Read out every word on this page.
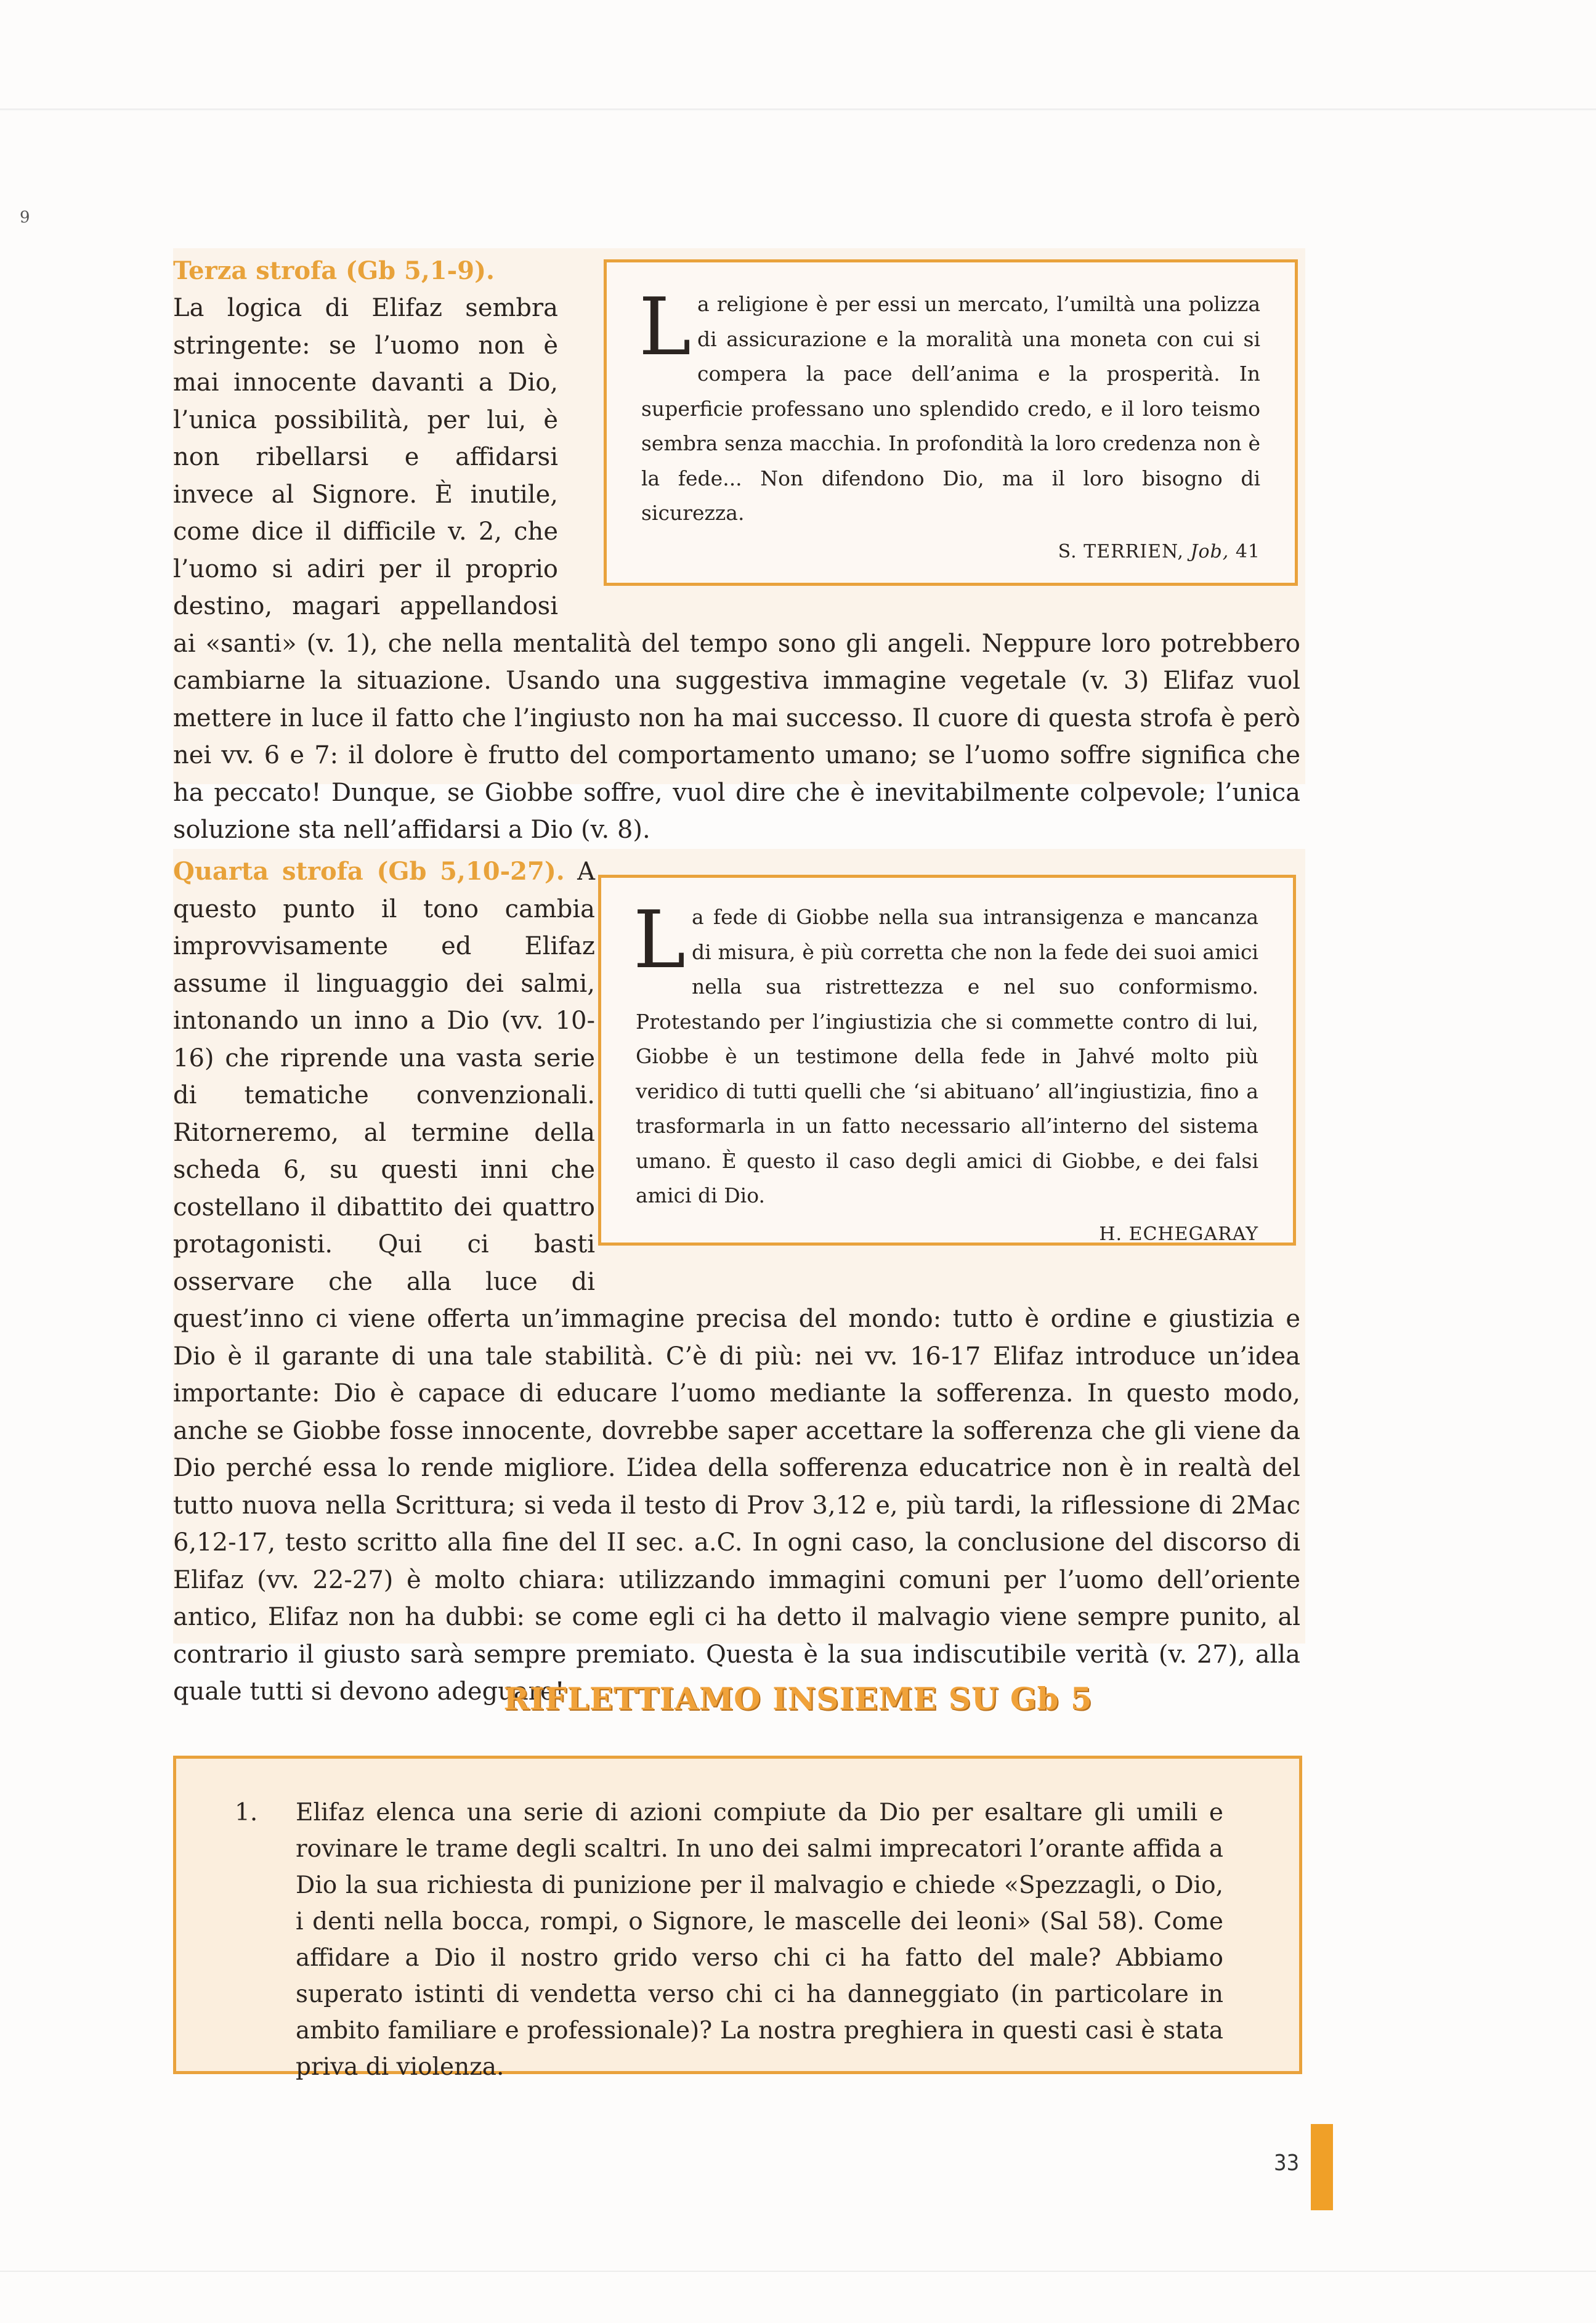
9

Terza strofa (Gb 5,1-9).

La logica di Elifaz sembra stringente: se l’uomo non è mai innocente davanti a Dio, l’unica possibilità, per lui, è non ribellarsi e affidarsi invece al Signore. È inutile, come dice il difficile v. 2, che l’uomo si adiri per il proprio destino, magari appellandosi ai «santi» (v. 1), che nella mentalità del tempo sono gli angeli. Neppure loro potrebbero cambiarne la situazione. Usando una suggestiva immagine vegetale (v. 3) Elifaz vuol mettere in luce il fatto che l’ingiusto non ha mai successo. Il cuore di questa strofa è però nei vv. 6 e 7: il dolore è frutto del comportamento umano; se l’uomo soffre significa che ha peccato! Dunque, se Giobbe soffre, vuol dire che è inevitabilmente colpevole; l’unica soluzione sta nell’affidarsi a Dio (v. 8).

L a religione è per essi un mercato, l’umiltà una polizza di assicurazione e la moralità una moneta con cui si compera la pace dell’anima e la prosperità. In superficie professano uno splendido credo, e il loro teismo sembra senza macchia. In profondità la loro credenza non è la fede... Non difendono Dio, ma il loro bisogno di sicurezza.

S. TERRIEN, Job, 41

Quarta strofa (Gb 5,10-27). A questo punto il tono cambia improvvisamente ed Elifaz assume il linguaggio dei salmi, intonando un inno a Dio (vv. 10-16) che riprende una vasta serie di tematiche convenzionali. Ritorneremo, al termine della scheda 6, su questi inni che costellano il dibattito dei quattro protagonisti. Qui ci basti osservare che alla luce di quest’inno ci viene offerta un’immagine precisa del mondo: tutto è ordine e giustizia e Dio è il garante di una tale stabilità. C’è di più: nei vv. 16-17 Elifaz introduce un’idea importante: Dio è capace di educare l’uomo mediante la sofferenza. In questo modo, anche se Giobbe fosse innocente, dovrebbe saper accettare la sofferenza che gli viene da Dio perché essa lo rende migliore. L’idea della sofferenza educatrice non è in realtà del tutto nuova nella Scrittura; si veda il testo di Prov 3,12 e, più tardi, la riflessione di 2Mac 6,12-17, testo scritto alla fine del II sec. a.C. In ogni caso, la conclusione del discorso di Elifaz (vv. 22-27) è molto chiara: utilizzando immagini comuni per l’uomo dell’oriente antico, Elifaz non ha dubbi: se come egli ci ha detto il malvagio viene sempre punito, al contrario il giusto sarà sempre premiato. Questa è la sua indiscutibile verità (v. 27), alla quale tutti si devono adeguare!

L a fede di Giobbe nella sua intransigenza e mancanza di misura, è più corretta che non la fede dei suoi amici nella sua ristrettezza e nel suo conformismo. Protestando per l’ingiustizia che si commette contro di lui, Giobbe è un testimone della fede in Jahvé molto più veridico di tutti quelli che ‘si abituano’ all’ingiustizia, fino a trasformarla in un fatto necessario all’interno del sistema umano. È questo il caso degli amici di Giobbe, e dei falsi amici di Dio.

H. ECHEGARAY
RIFLETTIAMO INSIEME SU Gb 5
1. Elifaz elenca una serie di azioni compiute da Dio per esaltare gli umili e rovinare le trame degli scaltri. In uno dei salmi imprecatori l’orante affida a Dio la sua richiesta di punizione per il malvagio e chiede «Spezzagli, o Dio, i denti nella bocca, rompi, o Signore, le mascelle dei leoni» (Sal 58). Come affidare a Dio il nostro grido verso chi ci ha fatto del male? Abbiamo superato istinti di vendetta verso chi ci ha danneggiato (in particolare in ambito familiare e professionale)? La nostra preghiera in questi casi è stata priva di violenza.
33
